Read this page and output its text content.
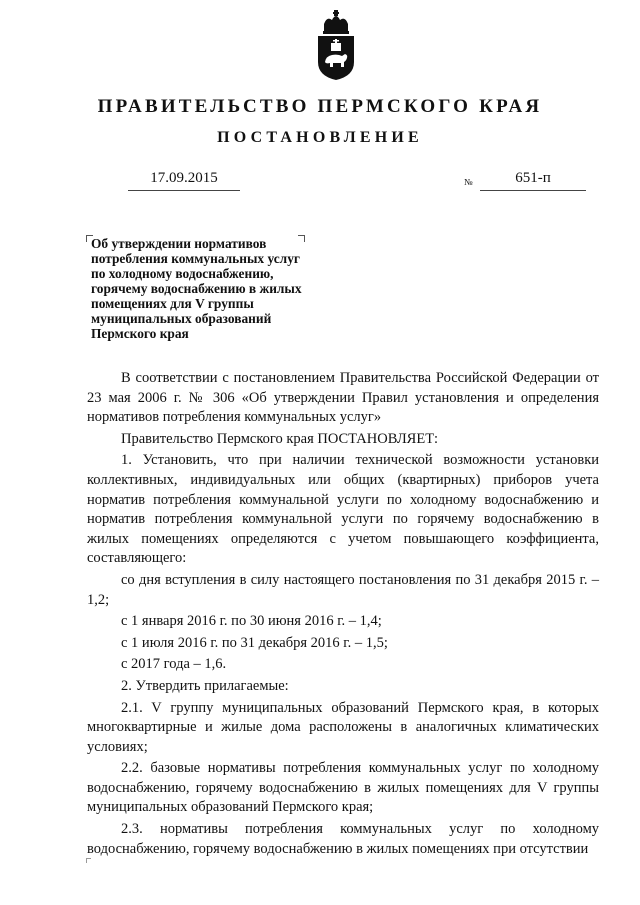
ПРАВИТЕЛЬСТВО ПЕРМСКОГО КРАЯ
ПОСТАНОВЛЕНИЕ
17.09.2015	№	651-п
Об утверждении нормативов
потребления коммунальных услуг
по холодному водоснабжению,
горячему водоснабжению в жилых
помещениях для V группы
муниципальных образований
Пермского края

В соответствии с постановлением Правительства Российской Федерации от 23 мая 2006 г. № 306 «Об утверждении Правил установления и определения нормативов потребления коммунальных услуг»

Правительство Пермского края ПОСТАНОВЛЯЕТ:

1. Установить, что при наличии технической возможности установки коллективных, индивидуальных или общих (квартирных) приборов учета норматив потребления коммунальной услуги по холодному водоснабжению и норматив потребления коммунальной услуги по горячему водоснабжению в жилых помещениях определяются с учетом повышающего коэффициента, составляющего:

со дня вступления в силу настоящего постановления по 31 декабря 2015 г. – 1,2;

с 1 января 2016 г. по 30 июня 2016 г. – 1,4;

с 1 июля 2016 г. по 31 декабря 2016 г. – 1,5;

с 2017 года – 1,6.

2. Утвердить прилагаемые:

2.1. V группу муниципальных образований Пермского края, в которых многоквартирные и жилые дома расположены в аналогичных климатических условиях;

2.2. базовые нормативы потребления коммунальных услуг по холодному водоснабжению, горячему водоснабжению в жилых помещениях для V группы муниципальных образований Пермского края;

2.3. нормативы потребления коммунальных услуг по холодному водоснабжению, горячему водоснабжению в жилых помещениях при отсутствии
